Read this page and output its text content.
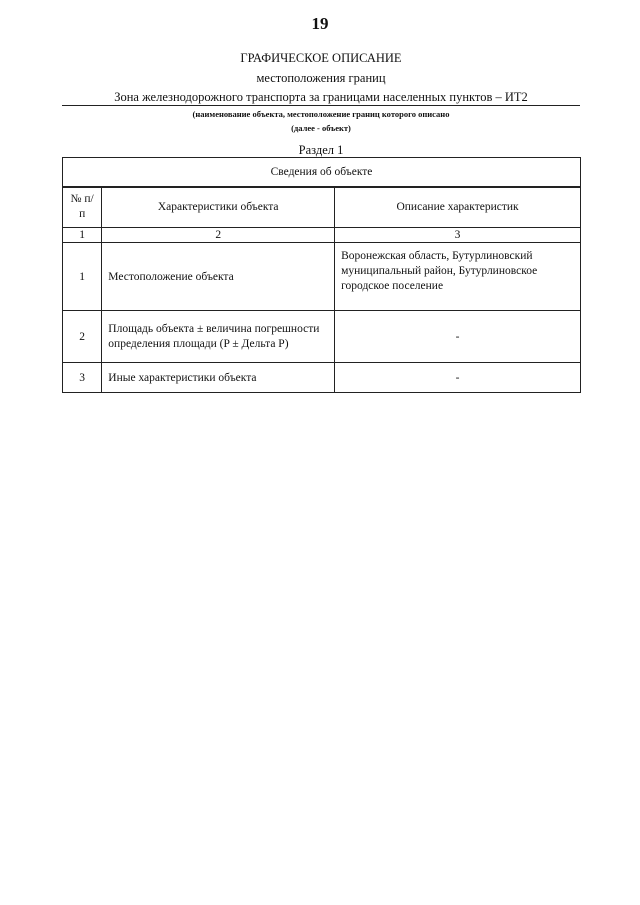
19
ГРАФИЧЕСКОЕ ОПИСАНИЕ
местоположения границ
Зона железнодорожного транспорта за границами населенных пунктов – ИТ2
(наименование объекта, местоположение границ которого описано
(далее - объект)
Раздел 1
Сведения об объекте		
№ п/п	Характеристики объекта	Описание характеристик
1	2	3
1	Местоположение объекта	Воронежская область, Бутурлиновский муниципальный район, Бутурлиновское городское поселение
2	Площадь объекта ± величина погрешности определения площади (P ± Дельта P)	-
3	Иные характеристики объекта	-
